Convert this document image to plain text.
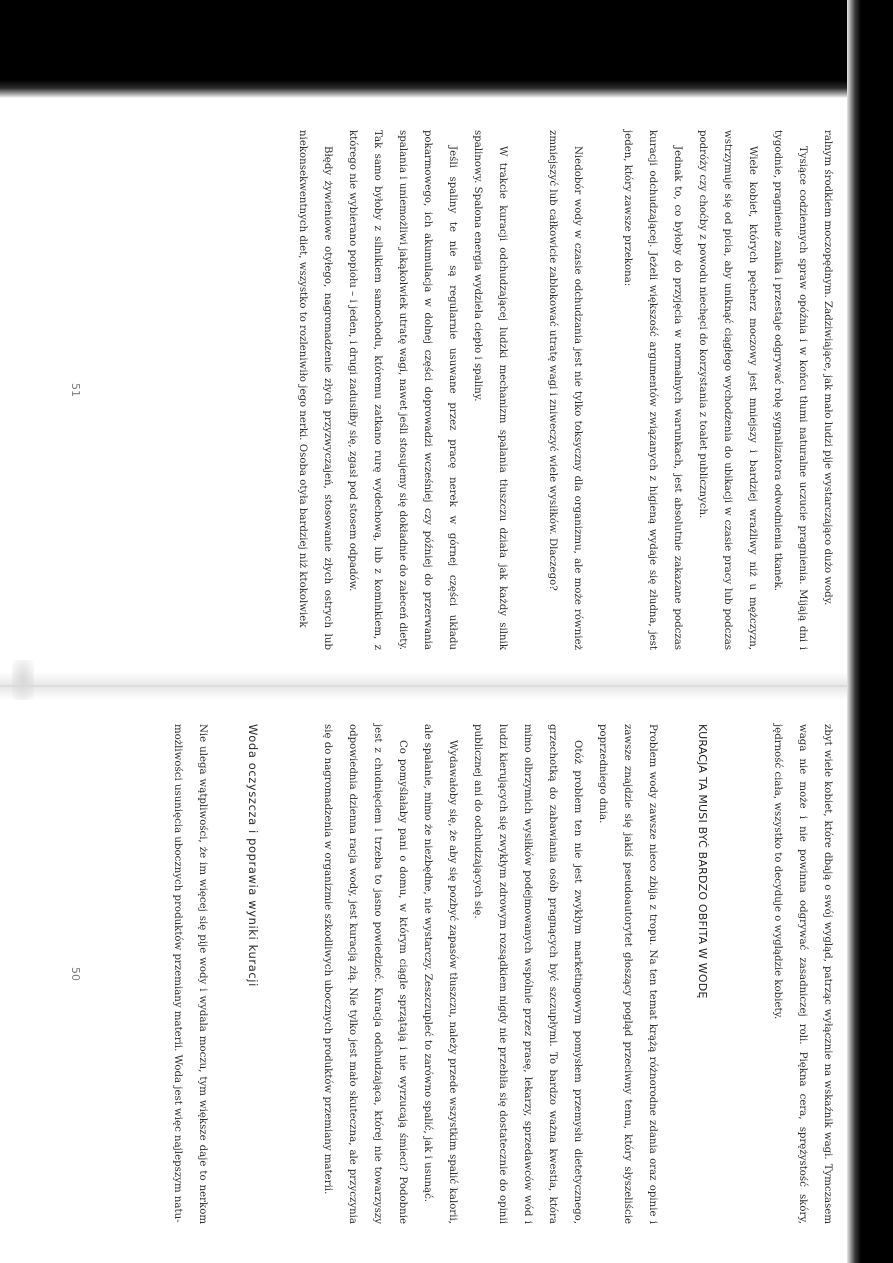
ralnym środkiem moczopędnym. Zadziwiające, jak mało ludzi pije wystarczająco dużo wody.

Tysiące codziennych spraw opóźnia i w końcu tłumi naturalne uczucie pragnienia. Mijają dni i tygodnie, pragnienie zanika i przestaje odgrywać rolę sygnalizatora odwodnienia tkanek.

Wiele kobiet, których pęcherz moczowy jest mniejszy i bardziej wrażliwy niż u mężczyzn, wstrzymuje się od picia, aby uniknąć ciągłego wychodzenia do ubikacji w czasie pracy lub podczas podróży czy choćby z powodu niechęci do korzystania z toalet publicznych.

Jednak to, co byłoby do przyjęcia w normalnych warunkach, jest absolutnie zakazane podczas kuracji odchudzającej. Jeżeli większość argumentów związanych z higieną wydaje się złudna, jest jeden, który zawsze przekona:

Niedobór wody w czasie odchudzania jest nie tylko toksyczny dla organizmu, ale może również zmniejszyć lub całkowicie zablokować utratę wagi i zniweczyć wiele wysiłków. Dlaczego?

W trakcie kuracji odchudzającej ludzki mechanizm spalania tłuszczu działa jak każdy silnik spalinowy. Spalona energia wydziela ciepło i spaliny.

Jeśli spaliny te nie są regularnie usuwane przez pracę nerek w górnej części układu pokarmowego, ich akumulacja w dolnej części doprowadzi wcześniej czy później do przerwania spalania i uniemożliwi jakąkolwiek utratę wagi, nawet jeśli stosujemy się dokładnie do zaleceń diety. Tak samo byłoby z silnikiem samochodu, któremu zatkano rurę wydechową, lub z kominkiem, z którego nie wybierano popiołu – i jeden, i drugi zadusiłby się, zgasł pod stosem odpadów.

Błędy żywieniowe otyłego, nagromadzenie złych przyzwyczajeń, stosowanie złych ostrych lub niekonsekwentnych diet, wszystko to rozleniwiło jego nerki. Osoba otyła bardziej niż ktokolwiek

51

zbyt wiele kobiet, które dbają o swój wygląd, patrząc wyłącznie na wskaźnik wagi. Tymczasem waga nie może i nie powinna odgrywać zasadniczej roli. Piękna cera, sprężystość skóry, jędrność ciała, wszystko to decyduje o wyglądzie kobiety.

KURACJA TA MUSI BYĆ BARDZO OBFITA W WODĘ

Problem wody zawsze nieco zbija z tropu. Na ten temat krążą różnorodne zdania oraz opinie i zawsze znajdzie się jakiś pseudoautorytet głoszący pogląd przeciwny temu, który słyszeliście poprzedniego dnia.

Otóż problem ten nie jest zwykłym marketingowym pomysłem przemysłu dietetycznego, grzechotką do zabawiania osób pragnących być szczupłymi. To bardzo ważna kwestia, która mimo olbrzymich wysiłków podejmowanych wspólnie przez prasę, lekarzy, sprzedawców wód i ludzi kierujących się zwykłym zdrowym rozsądkiem nigdy nie przebiła się dostatecznie do opinii publicznej ani do odchudzających się.

Wydawałoby się, że aby się pozbyć zapasów tłuszczu, należy przede wszystkim spalić kalorii, ale spalanie, mimo że niezbędne, nie wystarczy. Zeszczupleć to zarówno spalić, jak i usunąć.

Co pomyślałaby pani o domu, w którym ciągle sprzątają i nie wyrzucają śmieci? Podobnie jest z chudnięciem i trzeba to jasno powiedzieć. Kuracja odchudzająca, której nie towarzyszy odpowiednia dzienna racja wody, jest kuracją złą. Nie tylko jest mało skuteczna, ale przyczynia się do nagromadzenia w organizmie szkodliwych ubocznych produktów przemiany materii.

Woda oczyszcza i poprawia wyniki kuracji

Nie ulega wątpliwości, że im więcej się pije wody i wydala moczu, tym większe daje to nerkom możliwości usunięcia ubocznych produktów przemiany materii. Woda jest więc najlepszym natu-

50
